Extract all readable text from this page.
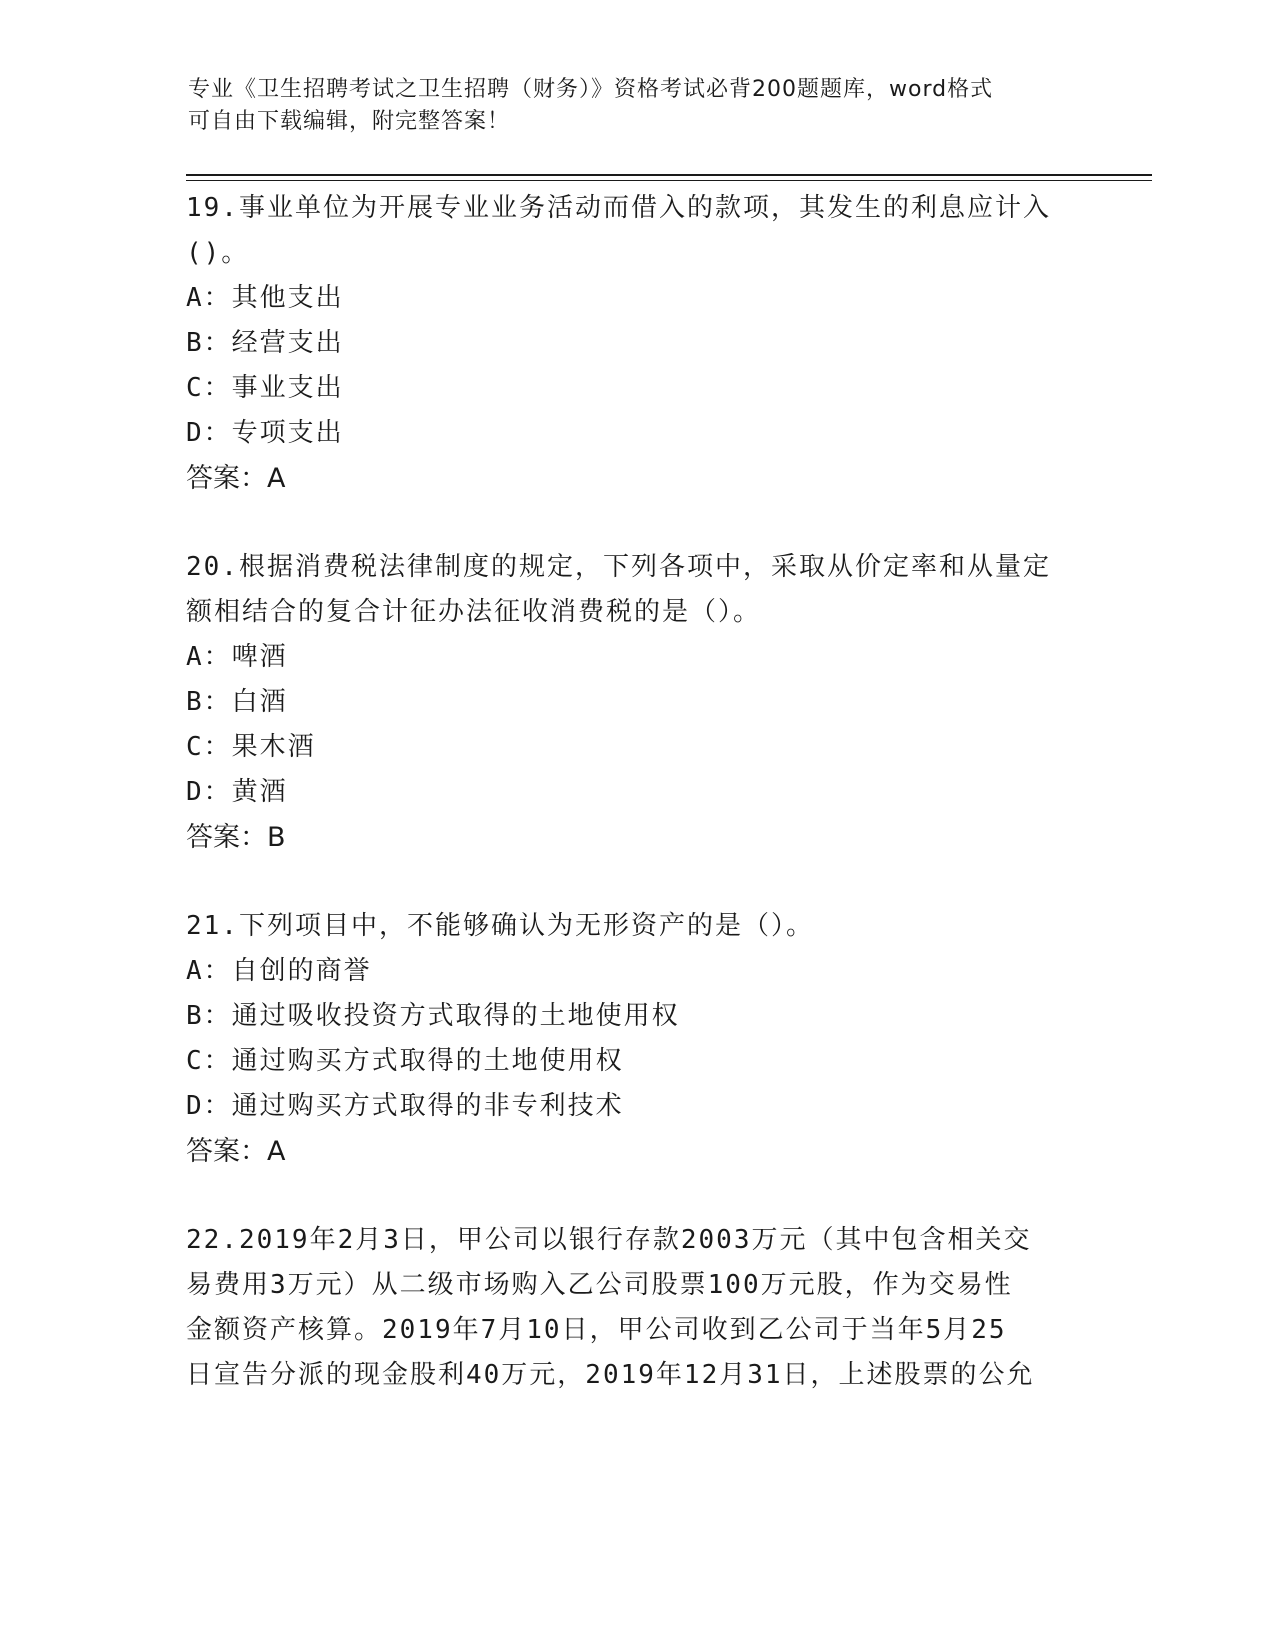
专业《卫生招聘考试之卫生招聘（财务）》资格考试必背200题题库，word格式
可自由下载编辑，附完整答案！

19.事业单位为开展专业业务活动而借入的款项，其发生的利息应计入

()。

A：其他支出

B：经营支出

C：事业支出

D：专项支出

答案：A

20.根据消费税法律制度的规定，下列各项中，采取从价定率和从量定

额相结合的复合计征办法征收消费税的是（）。

A：啤酒

B：白酒

C：果木酒

D：黄酒

答案：B

21.下列项目中，不能够确认为无形资产的是（）。

A：自创的商誉

B：通过吸收投资方式取得的土地使用权

C：通过购买方式取得的土地使用权

D：通过购买方式取得的非专利技术

答案：A

22.2019年2月3日，甲公司以银行存款2003万元（其中包含相关交

易费用3万元）从二级市场购入乙公司股票100万元股，作为交易性

金额资产核算。2019年7月10日，甲公司收到乙公司于当年5月25

日宣告分派的现金股利40万元，2019年12月31日，上述股票的公允
